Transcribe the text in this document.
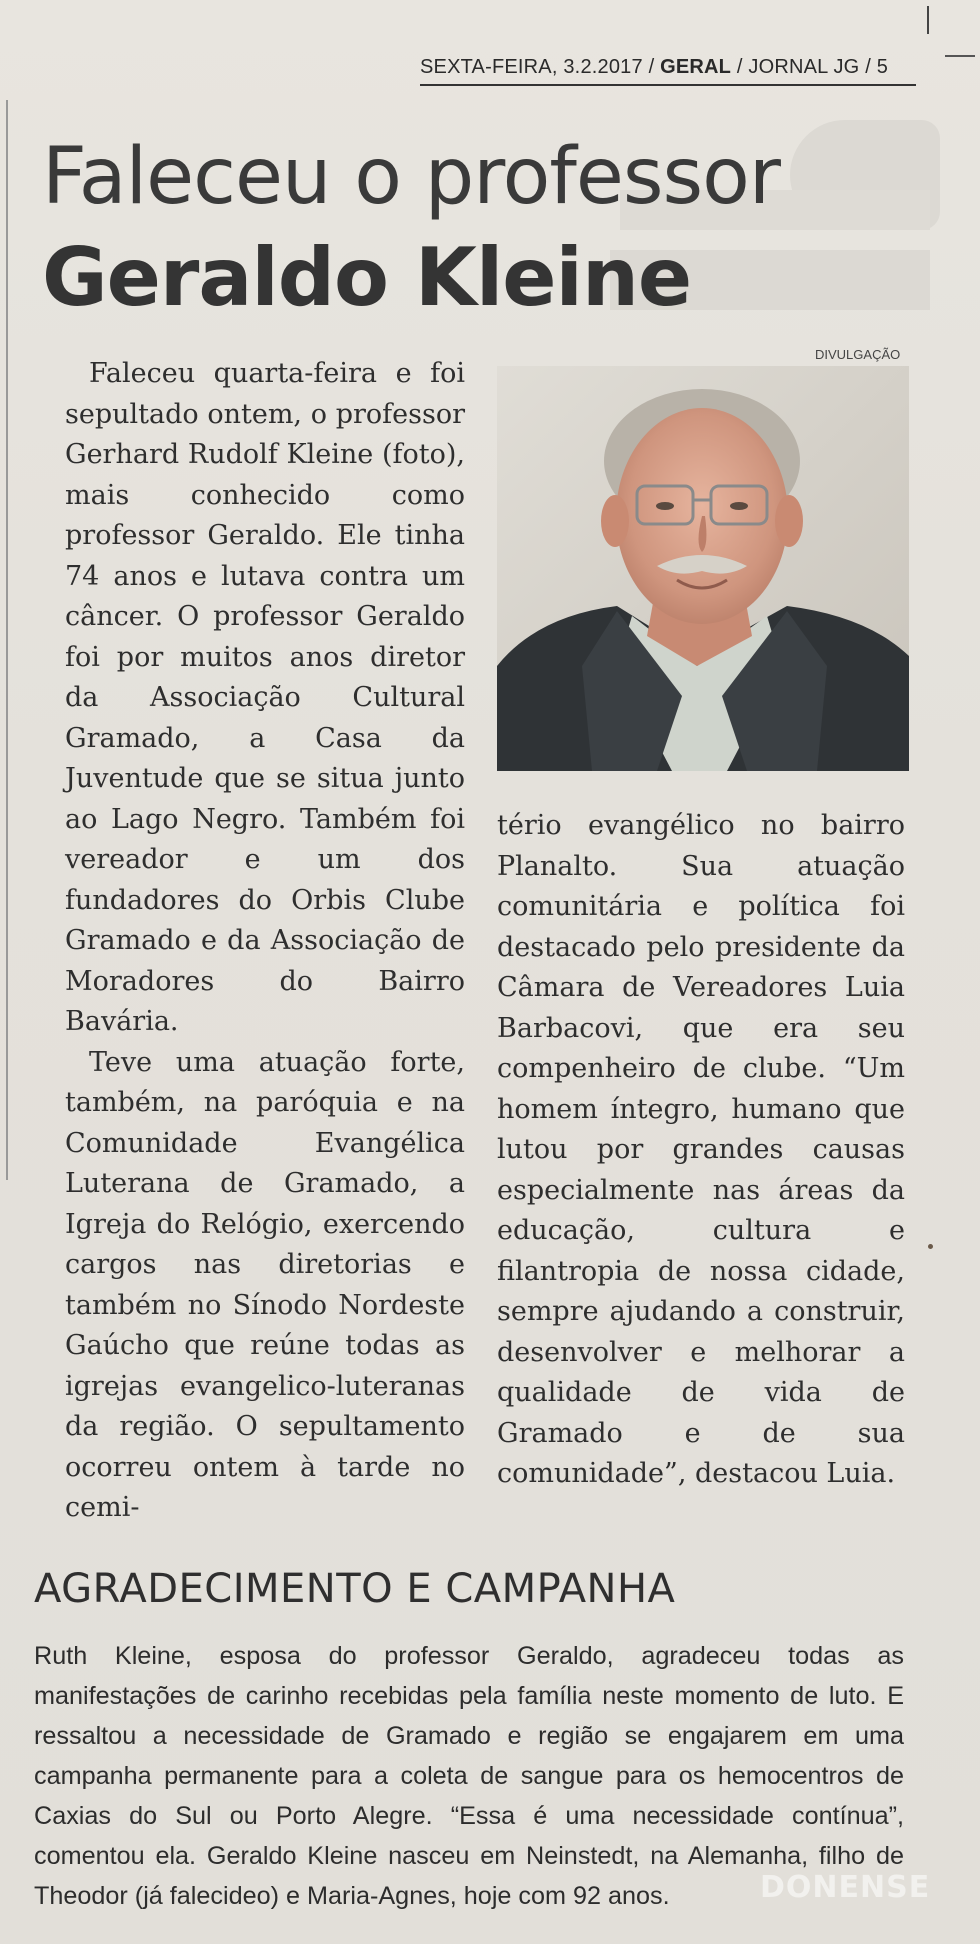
SEXTA-FEIRA, 3.2.2017 / GERAL / JORNAL JG / 5
Faleceu o professor
Geraldo Kleine
DIVULGAÇÃO

Faleceu quarta-feira e foi sepultado ontem, o professor Gerhard Rudolf Kleine (foto), mais conhecido como professor Geraldo. Ele tinha 74 anos e lutava contra um câncer. O professor Geraldo foi por muitos anos diretor da Associação Cultural Gramado, a Casa da Juventude que se situa junto ao Lago Negro. Também foi vereador e um dos fundadores do Orbis Clube Gramado e da Associação de Moradores do Bairro Bavária.

Teve uma atuação forte, também, na paróquia e na Comunidade Evangélica Luterana de Gramado, a Igreja do Relógio, exercendo cargos nas diretorias e também no Sínodo Nordeste Gaúcho que reúne todas as igrejas evangelico-luteranas da região. O sepultamento ocorreu ontem à tarde no cemi-

tério evangélico no bairro Planalto. Sua atuação comunitária e política foi destacado pelo presidente da Câmara de Vereadores Luia Barbacovi, que era seu compenheiro de clube. “Um homem íntegro, humano que lutou por grandes causas especialmente nas áreas da educação, cultura e filantropia de nossa cidade, sempre ajudando a construir, desenvolver e melhorar a qualidade de vida de Gramado e de sua comunidade”, destacou Luia.

AGRADECIMENTO E CAMPANHA
Ruth Kleine, esposa do professor Geraldo, agradeceu todas as manifestações de carinho recebidas pela família neste momento de luto. E ressaltou a necessidade de Gramado e região se engajarem em uma campanha permanente para a coleta de sangue para os hemocentros de Caxias do Sul ou Porto Alegre. “Essa é uma necessidade contínua”, comentou ela. Geraldo Kleine nasceu em Neinstedt, na Alemanha, filho de Theodor (já falecideo) e Maria-Agnes, hoje com 92 anos.	DONENSE
